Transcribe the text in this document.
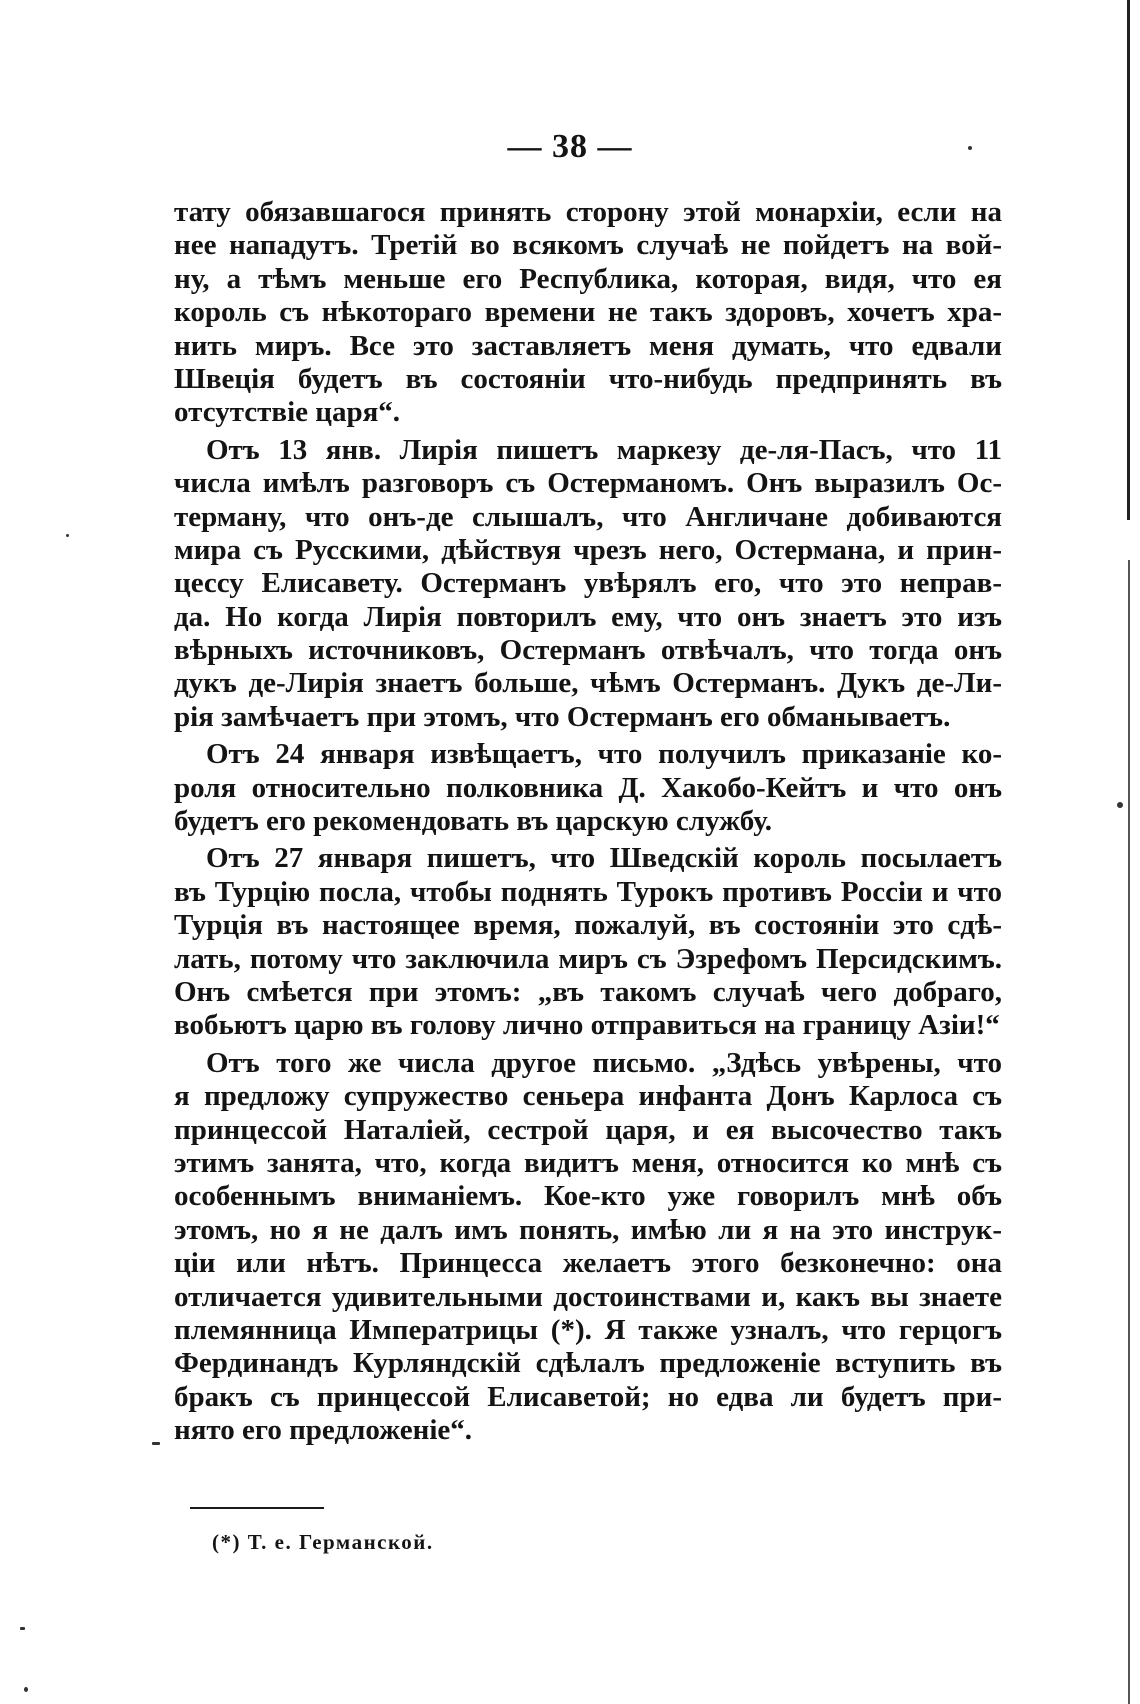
— 38 —
тату обязавшагося принять сторону этой монархіи, если на
нее нападутъ. Третій во всякомъ случаѣ не пойдетъ на вой-
ну, а тѣмъ меньше его Республика, которая, видя, что ея
король съ нѣкотораго времени не такъ здоровъ, хочетъ хра-
нить миръ. Все это заставляетъ меня думать, что едвали
Швеція будетъ въ состояніи что-нибудь предпринять въ
отсутствіе царя“.
Отъ 13 янв. Лирія пишетъ маркезу де-ля-Пасъ, что 11
числа имѣлъ разговоръ съ Остерманомъ. Онъ выразилъ Ос-
терману, что онъ-де слышалъ, что Англичане добиваются
мира съ Русскими, дѣйствуя чрезъ него, Остермана, и прин-
цессу Елисавету. Остерманъ увѣрялъ его, что это неправ-
да. Но когда Лирія повторилъ ему, что онъ знаетъ это изъ
вѣрныхъ источниковъ, Остерманъ отвѣчалъ, что тогда онъ
дукъ де-Лирія знаетъ больше, чѣмъ Остерманъ. Дукъ де-Ли-
рія замѣчаетъ при этомъ, что Остерманъ его обманываетъ.
Отъ 24 января извѣщаетъ, что получилъ приказаніе ко-
роля относительно полковника Д. Хакобо-Кейтъ и что онъ
будетъ его рекомендовать въ царскую службу.
Отъ 27 января пишетъ, что Шведскій король посылаетъ
въ Турцію посла, чтобы поднять Турокъ противъ Россіи и что
Турція въ настоящее время, пожалуй, въ состояніи это сдѣ-
лать, потому что заключила миръ съ Эзрефомъ Персидскимъ.
Онъ смѣется при этомъ: „въ такомъ случаѣ чего добраго,
вобьютъ царю въ голову лично отправиться на границу Азіи!“
Отъ того же числа другое письмо. „Здѣсь увѣрены, что
я предложу супружество сеньера инфанта Донъ Карлоса съ
принцессой Наталіей, сестрой царя, и ея высочество такъ
этимъ занята, что, когда видитъ меня, относится ко мнѣ съ
особеннымъ вниманіемъ. Кое-кто уже говорилъ мнѣ объ
этомъ, но я не далъ имъ понять, имѣю ли я на это инструк-
ціи или нѣтъ. Принцесса желаетъ этого безконечно: она
отличается удивительными достоинствами и, какъ вы знаете
племянница Императрицы (*). Я также узналъ, что герцогъ
Фердинандъ Курляндскій сдѣлалъ предложеніе вступить въ
бракъ съ принцессой Елисаветой; но едва ли будетъ при-
нято его предложеніе“.
(*) Т. е. Германской.
